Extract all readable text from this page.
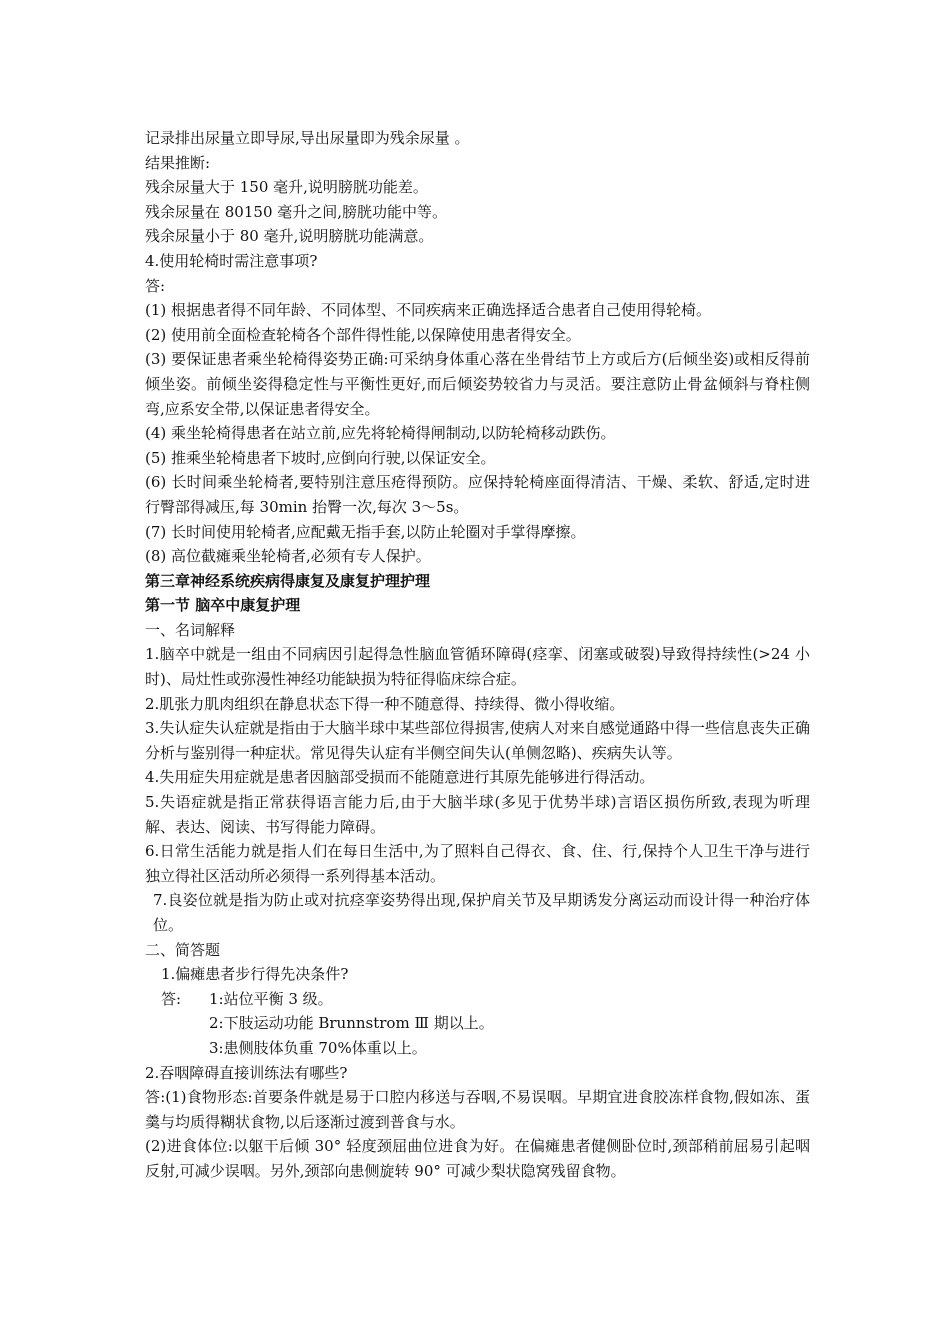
记录排出尿量立即导尿,导出尿量即为残余尿量 。

结果推断:

残余尿量大于 150 毫升,说明膀胱功能差。

残余尿量在 80150 毫升之间,膀胱功能中等。

残余尿量小于 80 毫升,说明膀胱功能满意。

4.使用轮椅时需注意事项?

答:

(1) 根据患者得不同年龄、不同体型、不同疾病来正确选择适合患者自己使用得轮椅。

(2) 使用前全面检查轮椅各个部件得性能,以保障使用患者得安全。

(3) 要保证患者乘坐轮椅得姿势正确:可采纳身体重心落在坐骨结节上方或后方(后倾坐姿)或相反得前倾坐姿。前倾坐姿得稳定性与平衡性更好,而后倾姿势较省力与灵活。要注意防止骨盆倾斜与脊柱侧弯,应系安全带,以保证患者得安全。

(4) 乘坐轮椅得患者在站立前,应先将轮椅得闸制动,以防轮椅移动跌伤。

(5) 推乘坐轮椅患者下坡时,应倒向行驶,以保证安全。

(6) 长时间乘坐轮椅者,要特别注意压疮得预防。应保持轮椅座面得清洁、干燥、柔软、舒适,定时进行臀部得减压,每 30min 抬臀一次,每次 3～5s。

(7) 长时间使用轮椅者,应配戴无指手套,以防止轮圈对手掌得摩擦。

(8) 高位截瘫乘坐轮椅者,必须有专人保护。

第三章神经系统疾病得康复及康复护理护理

第一节 脑卒中康复护理

一、名词解释

1.脑卒中就是一组由不同病因引起得急性脑血管循环障碍(痉挛、闭塞或破裂)导致得持续性(>24 小时)、局灶性或弥漫性神经功能缺损为特征得临床综合症。

2.肌张力肌肉组织在静息状态下得一种不随意得、持续得、微小得收缩。

3.失认症失认症就是指由于大脑半球中某些部位得损害,使病人对来自感觉通路中得一些信息丧失正确分析与鉴别得一种症状。常见得失认症有半侧空间失认(单侧忽略)、疾病失认等。

4.失用症失用症就是患者因脑部受损而不能随意进行其原先能够进行得活动。

5.失语症就是指正常获得语言能力后,由于大脑半球(多见于优势半球)言语区损伤所致,表现为听理解、表达、阅读、书写得能力障碍。

6.日常生活能力就是指人们在每日生活中,为了照料自己得衣、食、住、行,保持个人卫生干净与进行独立得社区活动所必须得一系列得基本活动。

7.良姿位就是指为防止或对抗痉挛姿势得出现,保护肩关节及早期诱发分离运动而设计得一种治疗体位。

二、简答题

1.偏瘫患者步行得先决条件?

答:	1:站位平衡 3 级。

2:下肢运动功能 Brunnstrom Ⅲ 期以上。

3:患侧肢体负重 70%体重以上。

2.吞咽障碍直接训练法有哪些?

答:(1)食物形态:首要条件就是易于口腔内移送与吞咽,不易误咽。早期宜进食胶冻样食物,假如冻、蛋羹与均质得糊状食物,以后逐渐过渡到普食与水。

(2)进食体位:以躯干后倾 30° 轻度颈屈曲位进食为好。在偏瘫患者健侧卧位时,颈部稍前屈易引起咽反射,可减少误咽。另外,颈部向患侧旋转 90° 可减少梨状隐窝残留食物。
